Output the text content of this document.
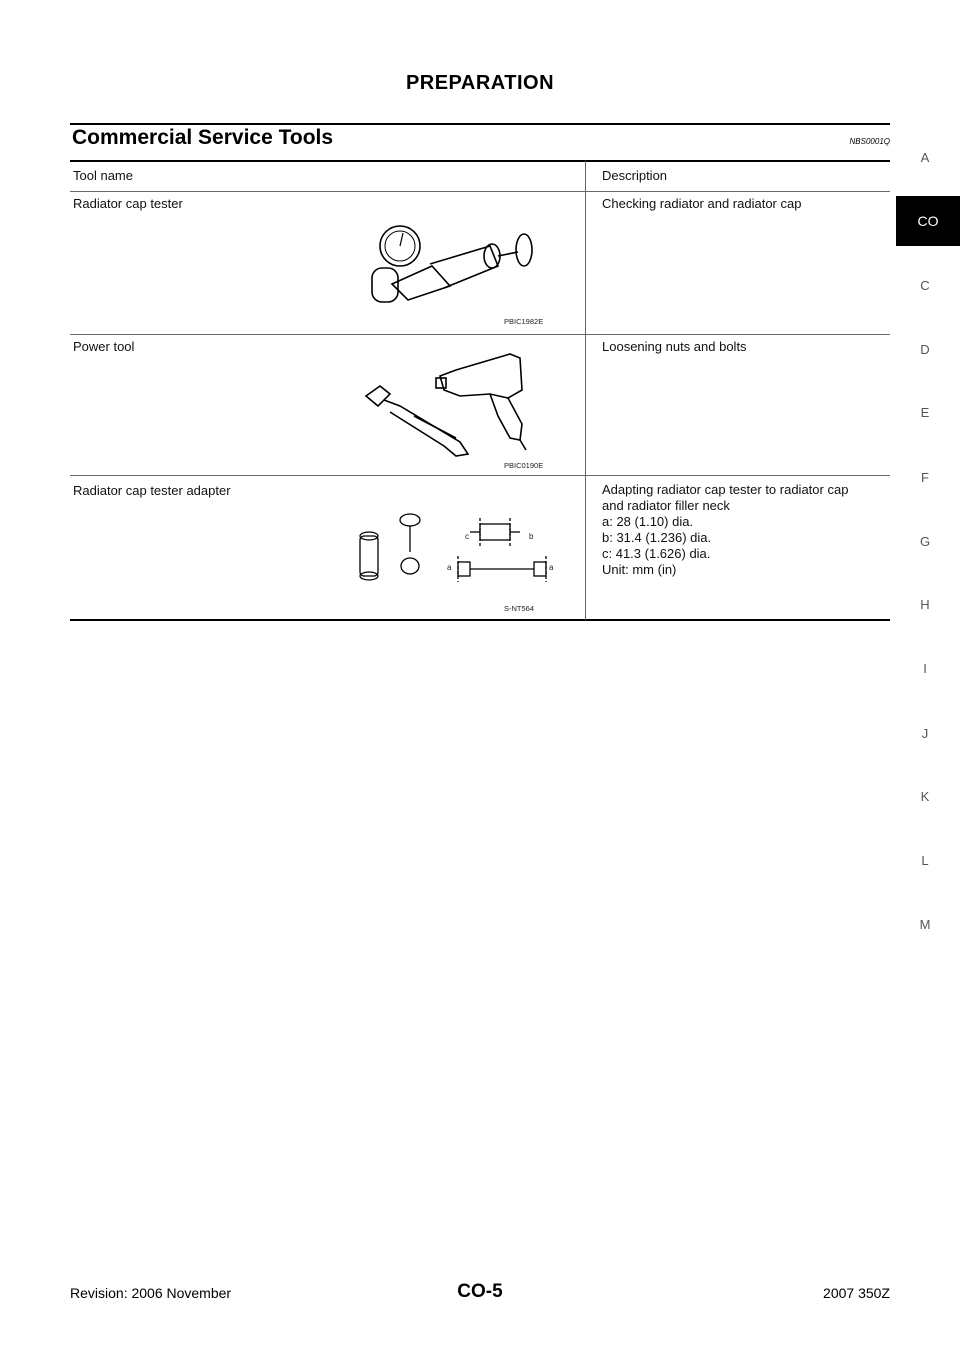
PREPARATION
Commercial Service Tools	NBS0001Q
Tool name	Description
Radiator cap tester	Checking radiator and radiator cap
PBIC1982E
Power tool	Loosening nuts and bolts
PBIC0190E
Radiator cap tester adapter	Adapting radiator cap tester to radiator cap
and radiator filler neck
a: 28 (1.10) dia.
b: 31.4 (1.236) dia.
c: 41.3 (1.626) dia.
Unit: mm (in)
c	b
a	a
S-NT564
A
CO
C
D
E
F
G
H
I
J
K
L
M
Revision: 2006 November	CO-5	2007 350Z
